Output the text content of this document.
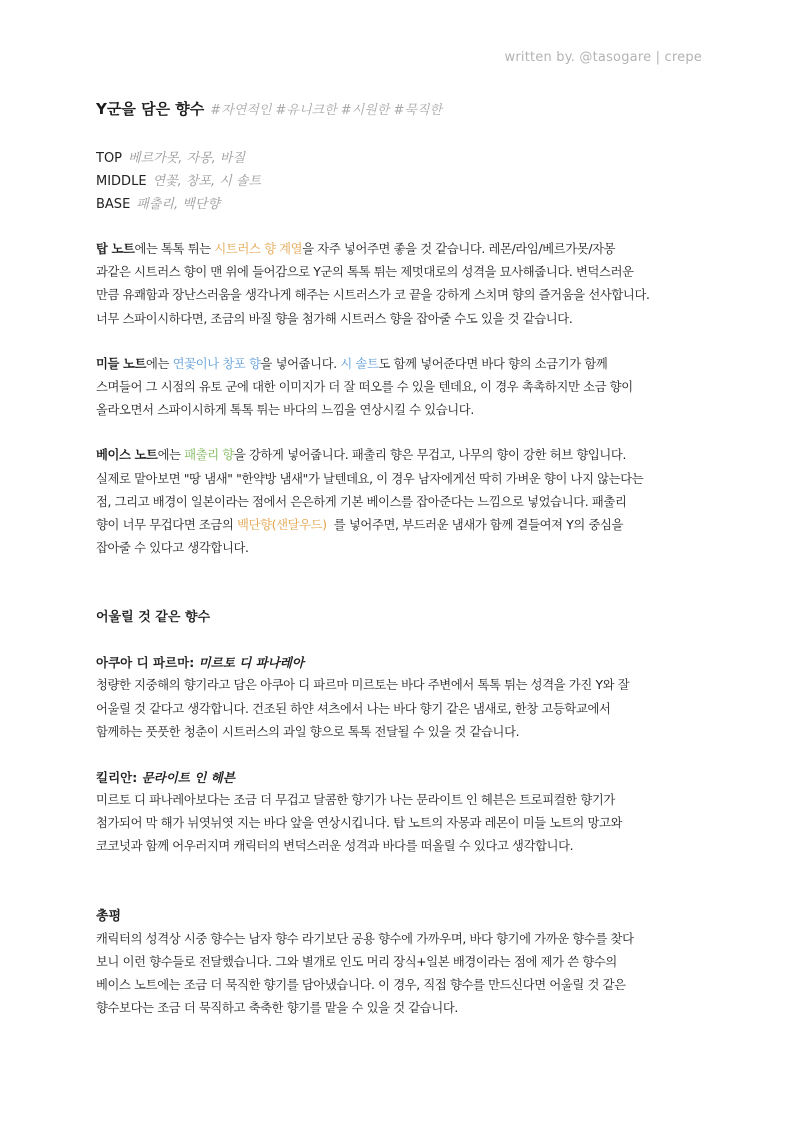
written by. @tasogare | crepe

Y군을 담은 향수 #자연적인 #유니크한 #시원한 #묵직한

TOP 베르가못, 자몽, 바질
MIDDLE 연꽃, 창포, 시 솔트
BASE 패출리, 백단향

탑 노트에는 톡톡 튀는 시트러스 향 계열을 자주 넣어주면 좋을 것 같습니다. 레몬/라임/베르가못/자몽

과같은 시트러스 향이 맨 위에 들어감으로 Y군의 톡톡 튀는 제멋대로의 성격을 묘사해줍니다. 변덕스러운

만큼 유쾌함과 장난스러움을 생각나게 해주는 시트러스가 코 끝을 강하게 스치며 향의 즐거움을 선사합니다.

너무 스파이시하다면, 조금의 바질 향을 첨가해 시트러스 향을 잡아줄 수도 있을 것 같습니다.

미들 노트에는 연꽃이나 창포 향을 넣어줍니다. 시 솔트도 함께 넣어준다면 바다 향의 소금기가 함께

스며들어 그 시점의 유토 군에 대한 이미지가 더 잘 떠오를 수 있을 텐데요, 이 경우 촉촉하지만 소금 향이

올라오면서 스파이시하게 톡톡 튀는 바다의 느낌을 연상시킬 수 있습니다.

베이스 노트에는 패출리 향을 강하게 넣어줍니다. 패출리 향은 무겁고, 나무의 향이 강한 허브 향입니다.

실제로 맡아보면 "땅 냄새" "한약방 냄새"가 날텐데요, 이 경우 남자에게선 딱히 가벼운 향이 나지 않는다는

점, 그리고 배경이 일본이라는 점에서 은은하게 기본 베이스를 잡아준다는 느낌으로 넣었습니다. 패출리

향이 너무 무겁다면 조금의 백단향(샌달우드)  를 넣어주면, 부드러운 냄새가 함께 곁들여져 Y의 중심을

잡아줄 수 있다고 생각합니다.

어울릴 것 같은 향수

아쿠아 디 파르마: 미르토 디 파나레아

청량한 지중해의 향기라고 담은 아쿠아 디 파르마 미르토는 바다 주변에서 톡톡 튀는 성격을 가진 Y와 잘

어울릴 것 같다고 생각합니다. 건조된 하얀 셔츠에서 나는 바다 향기 같은 냄새로, 한창 고등학교에서

함께하는 풋풋한 청춘이 시트러스의 과일 향으로 톡톡 전달될 수 있을 것 같습니다.

킬리안: 문라이트 인 헤븐

미르토 디 파나레아보다는 조금 더 무겁고 달콤한 향기가 나는 문라이트 인 헤븐은 트로피컬한 향기가

첨가되어 막 해가 뉘엿뉘엿 지는 바다 앞을 연상시킵니다. 탑 노트의 자몽과 레몬이 미들 노트의 망고와

코코넛과 함께 어우러지며 캐릭터의 변덕스러운 성격과 바다를 떠올릴 수 있다고 생각합니다.

총평

캐릭터의 성격상 시중 향수는 남자 향수 라기보단 공용 향수에 가까우며, 바다 향기에 가까운 향수를 찾다

보니 이런 향수들로 전달했습니다. 그와 별개로 인도 머리 장식+일본 배경이라는 점에 제가 쓴 향수의

베이스 노트에는 조금 더 묵직한 향기를 담아냈습니다. 이 경우, 직접 향수를 만드신다면 어울릴 것 같은

향수보다는 조금 더 묵직하고 축축한 향기를 맡을 수 있을 것 같습니다.
